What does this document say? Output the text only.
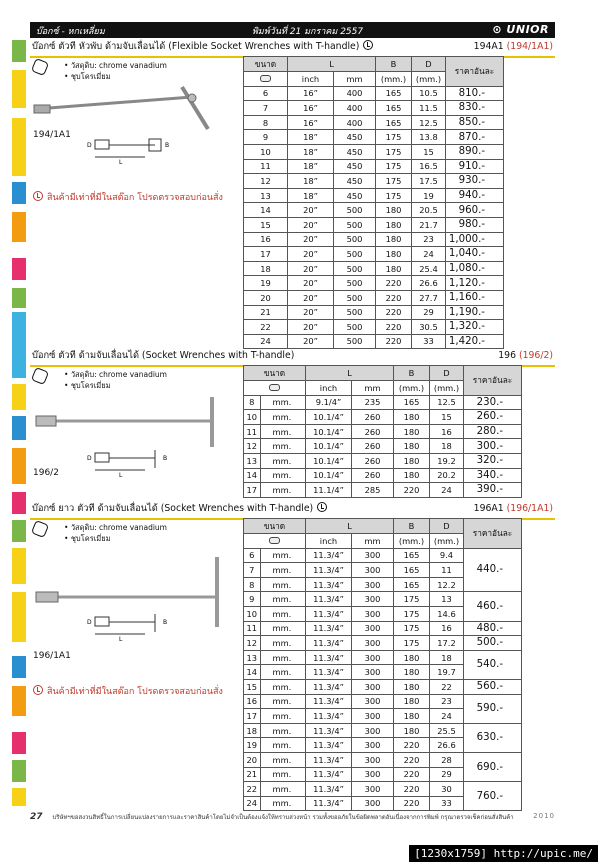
บ๊อกซ์ - หกเหลี่ยม	พิมพ์วันที่ 21 มกราคม 2557	⊙ UNIOR
บ๊อกซ์ ตัวที หัวพับ ด้ามจับเลื่อนได้ (Flexible Socket Wrenches with T-handle)	194A1 (194/1A1)
• วัสดุดิบ: chrome vanadium
• ชุบโครเมี่ยม
194/1A1
D
L
B
สินค้ามีเท่าที่มีในสต๊อก โปรดตรวจสอบก่อนสั่ง
ขนาด	L		B	D	ราคาอันละ
	inch	mm	(mm.)	(mm.)	
6	16”	400	165	10.5	810.-
7	16”	400	165	11.5	830.-
8	16”	400	165	12.5	850.-
9	18”	450	175	13.8	870.-
10	18”	450	175	15	890.-
11	18”	450	175	16.5	910.-
12	18”	450	175	17.5	930.-
13	18”	450	175	19	940.-
14	20”	500	180	20.5	960.-
15	20”	500	180	21.7	980.-
16	20”	500	180	23	1,000.-
17	20”	500	180	24	1,040.-
18	20”	500	180	25.4	1,080.-
19	20”	500	220	26.6	1,120.-
20	20”	500	220	27.7	1,160.-
21	20”	500	220	29	1,190.-
22	20”	500	220	30.5	1,320.-
24	20”	500	220	33	1,420.-
บ๊อกซ์ ตัวที ด้ามจับเลื่อนได้ (Socket Wrenches with T-handle)	196 (196/2)
• วัสดุดิบ: chrome vanadium
• ชุบโครเมี่ยม
196/2
D
L
B
ขนาด		L		B	D	ราคาอันละ
		inch	mm	(mm.)	(mm.)	
8	mm.	9.1/4”	235	165	12.5	230.-
10	mm.	10.1/4”	260	180	15	260.-
11	mm.	10.1/4”	260	180	16	280.-
12	mm.	10.1/4”	260	180	18	300.-
13	mm.	10.1/4”	260	180	19.2	320.-
14	mm.	10.1/4”	260	180	20.2	340.-
17	mm.	11.1/4”	285	220	24	390.-
บ๊อกซ์ ยาว ตัวที ด้ามจับเลื่อนได้ (Socket Wrenches with T-handle)	196A1 (196/1A1)
• วัสดุดิบ: chrome vanadium
• ชุบโครเมี่ยม
196/1A1
D
L
B
สินค้ามีเท่าที่มีในสต๊อก โปรดตรวจสอบก่อนสั่ง
ขนาด		L		B	D	ราคาอันละ
		inch	mm	(mm.)	(mm.)	
6	mm.	11.3/4”	300	165	9.4	440.-
7	mm.	11.3/4”	300	165	11	
8	mm.	11.3/4”	300	165	12.2	
9	mm.	11.3/4”	300	175	13	460.-
10	mm.	11.3/4”	300	175	14.6	
11	mm.	11.3/4”	300	175	16	480.-
12	mm.	11.3/4”	300	175	17.2	500.-
13	mm.	11.3/4”	300	180	18	540.-
14	mm.	11.3/4”	300	180	19.7	
15	mm.	11.3/4”	300	180	22	560.-
16	mm.	11.3/4”	300	180	23	590.-
17	mm.	11.3/4”	300	180	24	
18	mm.	11.3/4”	300	180	25.5	630.-
19	mm.	11.3/4”	300	220	26.6	
20	mm.	11.3/4”	300	220	28	690.-
21	mm.	11.3/4”	300	220	29	
22	mm.	11.3/4”	300	220	30	760.-
24	mm.	11.3/4”	300	220	33	
27 บริษัทฯขอสงวนสิทธิ์ในการเปลี่ยนแปลงรายการและราคาสินค้าโดยไม่จำเป็นต้องแจ้งให้ทราบล่วงหน้า รวมทั้งขออภัยในข้อผิดพลาดอันเนื่องจากการพิมพ์ กรุณาตรวจเช็คก่อนสั่งสินค้า	2010
[1230x1759] http://upic.me/
